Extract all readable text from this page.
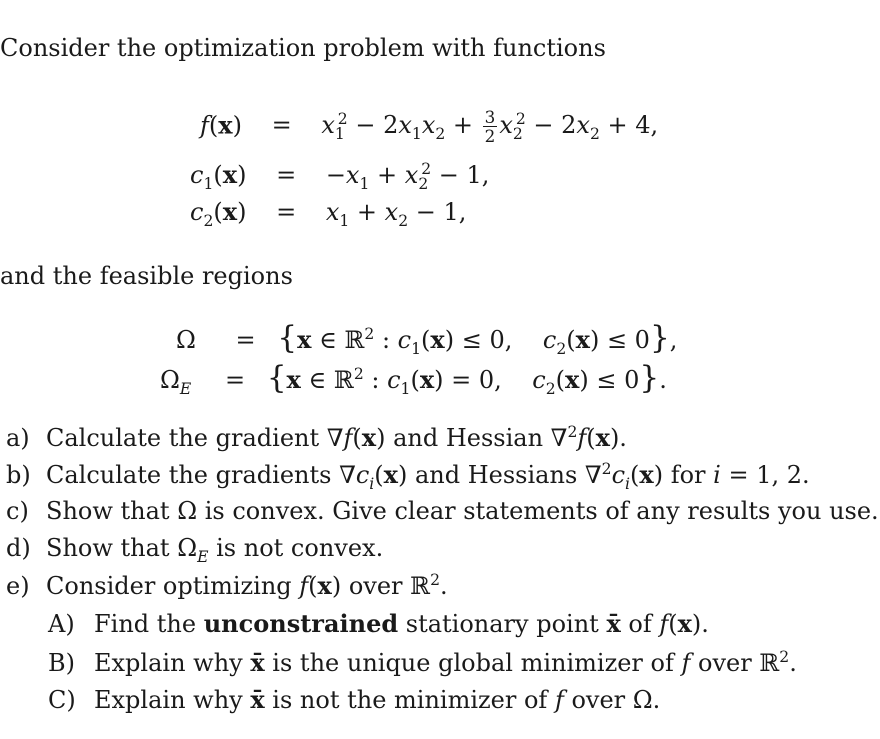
Consider the optimization problem with functions
$f(x) = x_1^2 - 2x_1x_2 + \frac{3}{2} x_2^2 - 2x_2 + 4$,
$c_1(x) = -x_1 + x_2^2 - 1$,
$c_2(x) = x_1 + x_2 - 1$,
and the feasible regions
Ω = {x ∈ ℝ$^2$ : $c_1(x) \le 0$,    $c_2(x) \le 0$},
$\Omega_E = \{x$ ∈ ℝ$^2$ : $c_1(x) = 0$,    $c_2(x) \le 0$}.
a) Calculate the gradient ∇f(x) and Hessian ∇$^2$f(x).
b) Calculate the gradients $\nabla c_i(x)$ and Hessians $\nabla^2c_i(x)$ for i = 1, 2.
c) Show that Ω is convex. Give clear statements of any results you use.
d) Show that $\Omega_E$ is not convex.
e) Consider optimizing f(x) over ℝ$^2$.
A) Find the unconstrained stationary point x̄ of f(x).
B) Explain why x̄ is the unique global minimizer of f over ℝ$^2$.
C) Explain why x̄ is not the minimizer of f over Ω.
